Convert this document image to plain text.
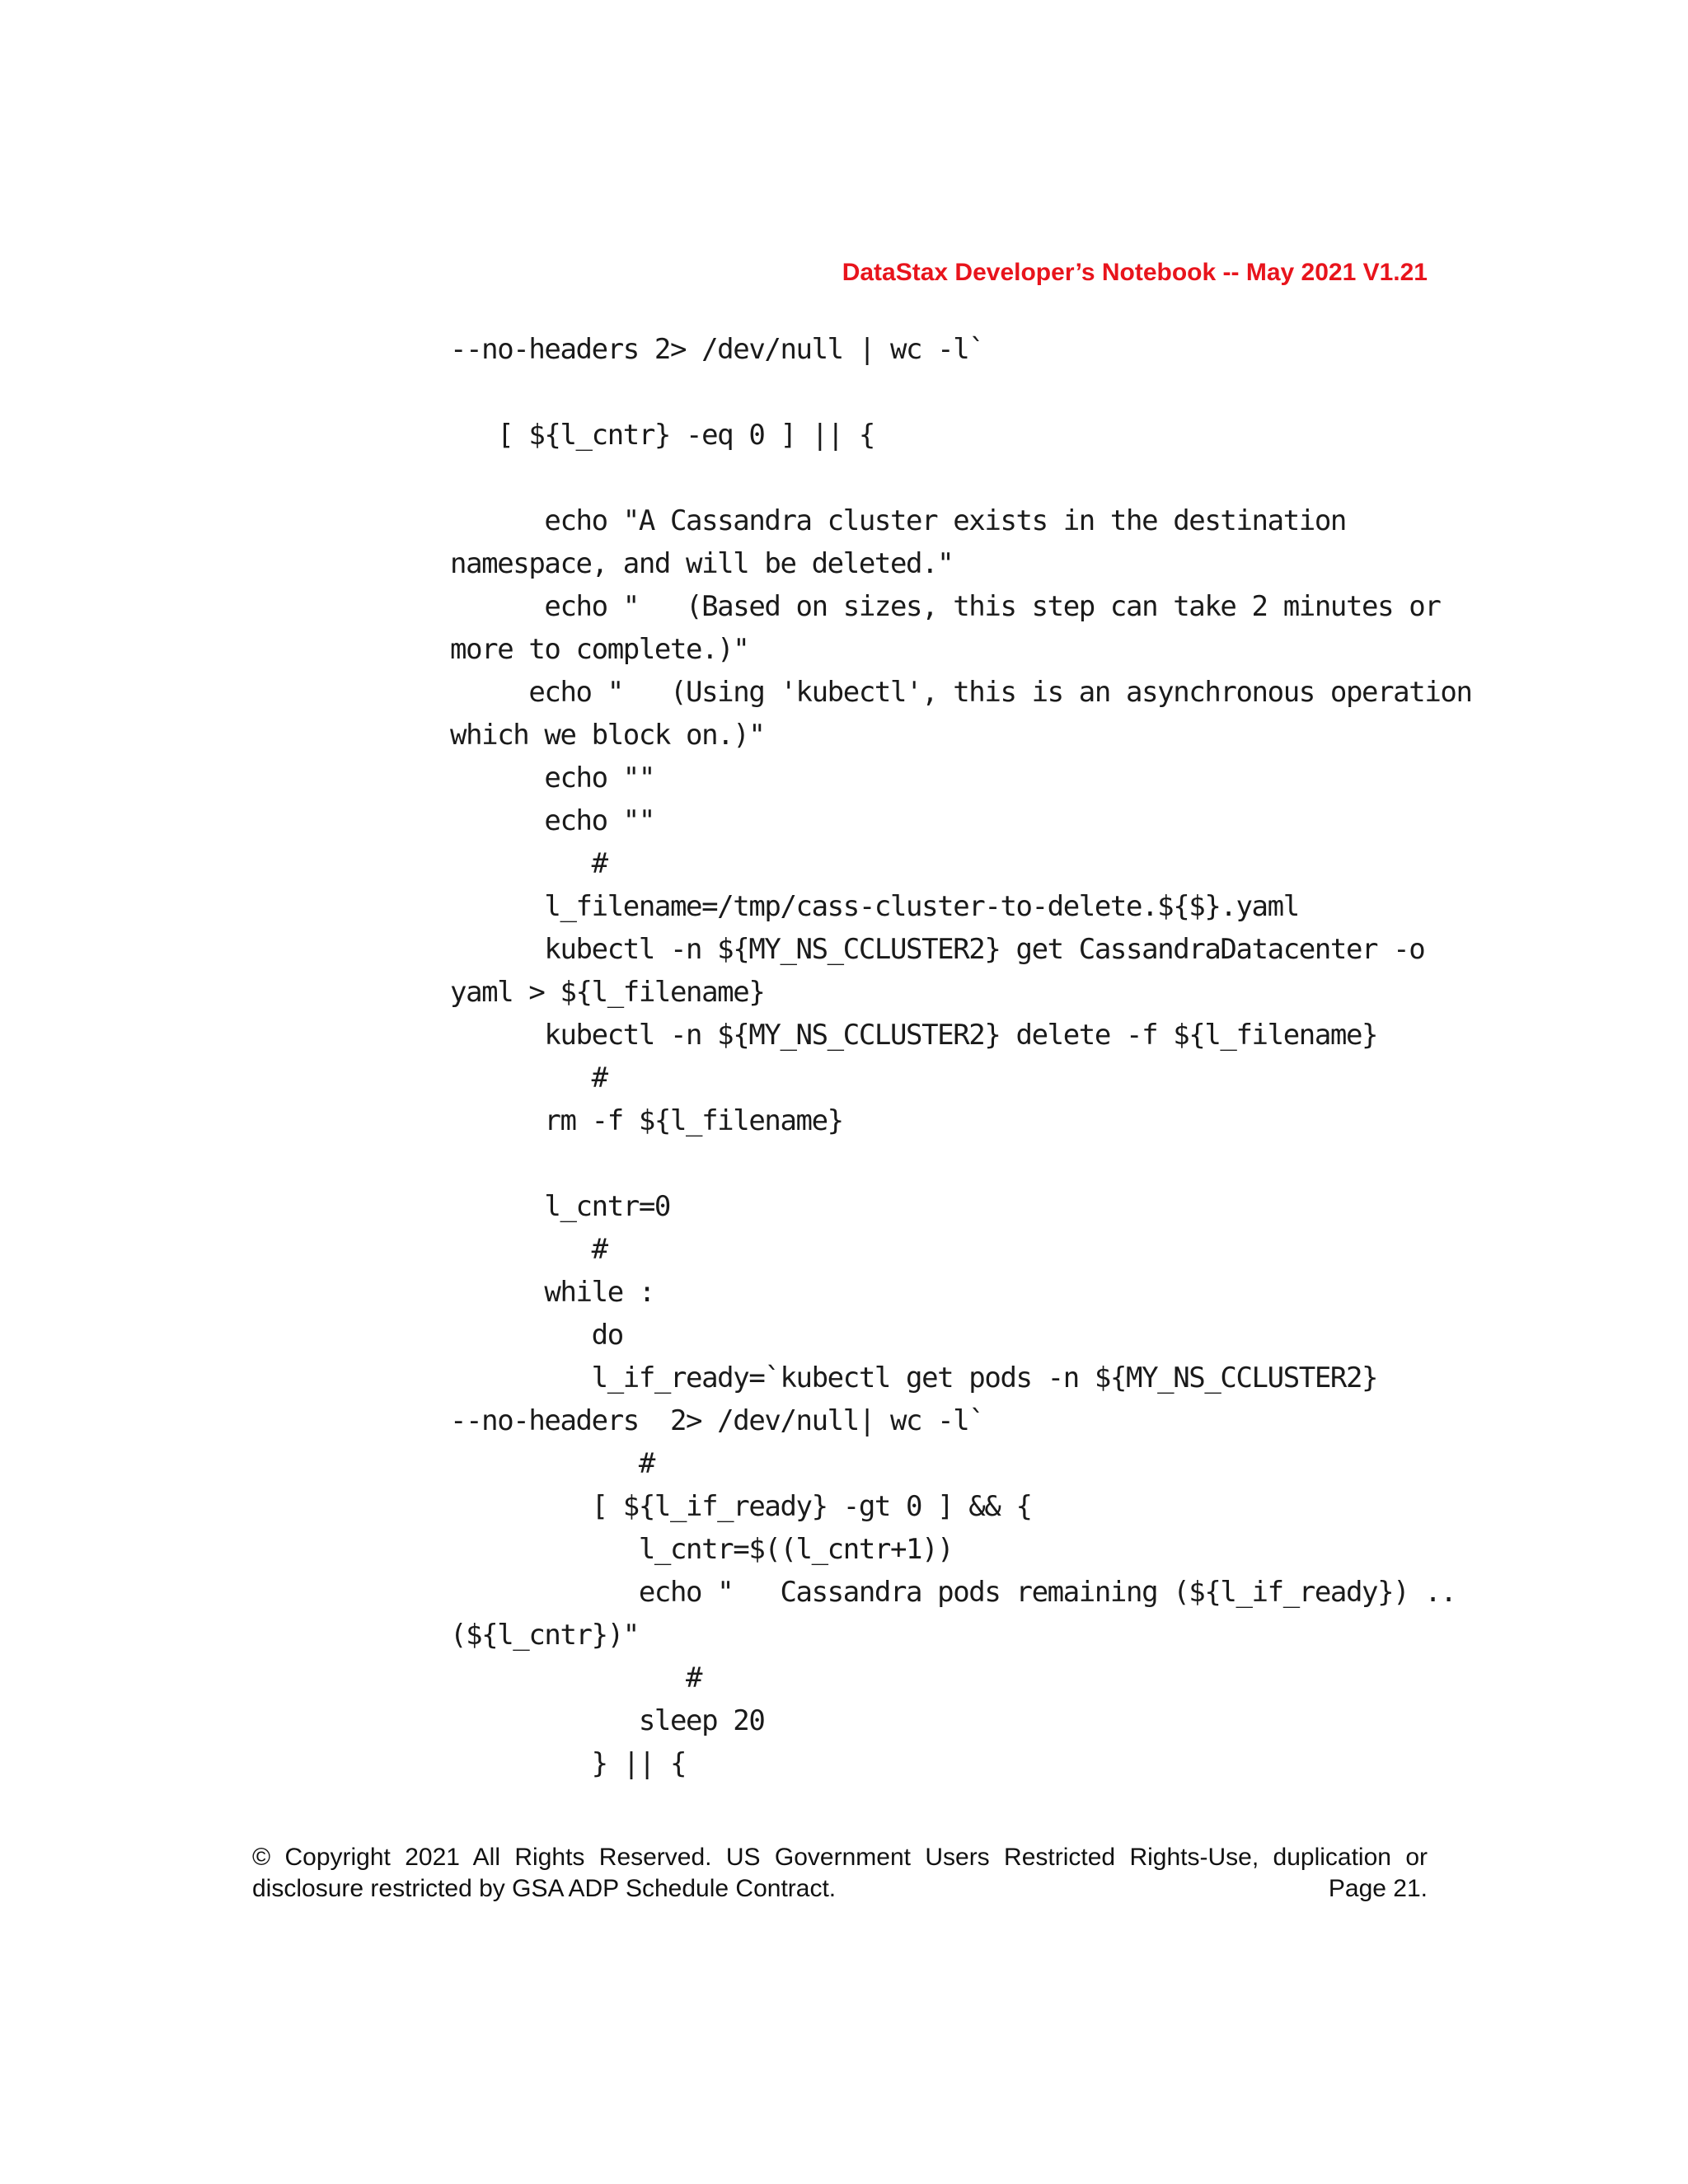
DataStax Developer’s Notebook -- May 2021 V1.21
--no-headers 2> /dev/null | wc -l`
[ ${l_cntr} -eq 0 ] || {
echo "A Cassandra cluster exists in the destination
namespace, and will be deleted."
echo "   (Based on sizes, this step can take 2 minutes or
more to complete.)"
echo "   (Using 'kubectl', this is an asynchronous operation
which we block on.)"
echo ""
echo ""
#
l_filename=/tmp/cass-cluster-to-delete.${$}.yaml
kubectl -n ${MY_NS_CCLUSTER2} get CassandraDatacenter -o
yaml > ${l_filename}
kubectl -n ${MY_NS_CCLUSTER2} delete -f ${l_filename}
#
rm -f ${l_filename}
l_cntr=0
#
while :
do
l_if_ready=`kubectl get pods -n ${MY_NS_CCLUSTER2}
--no-headers  2> /dev/null| wc -l`
#
[ ${l_if_ready} -gt 0 ] && {
l_cntr=$((l_cntr+1))
echo "   Cassandra pods remaining (${l_if_ready}) ..
(${l_cntr})"
#
sleep 20
} || {
© Copyright 2021 All Rights Reserved. US Government Users Restricted Rights-Use, duplication or
disclosure restricted by GSA ADP Schedule Contract.	Page 21.
